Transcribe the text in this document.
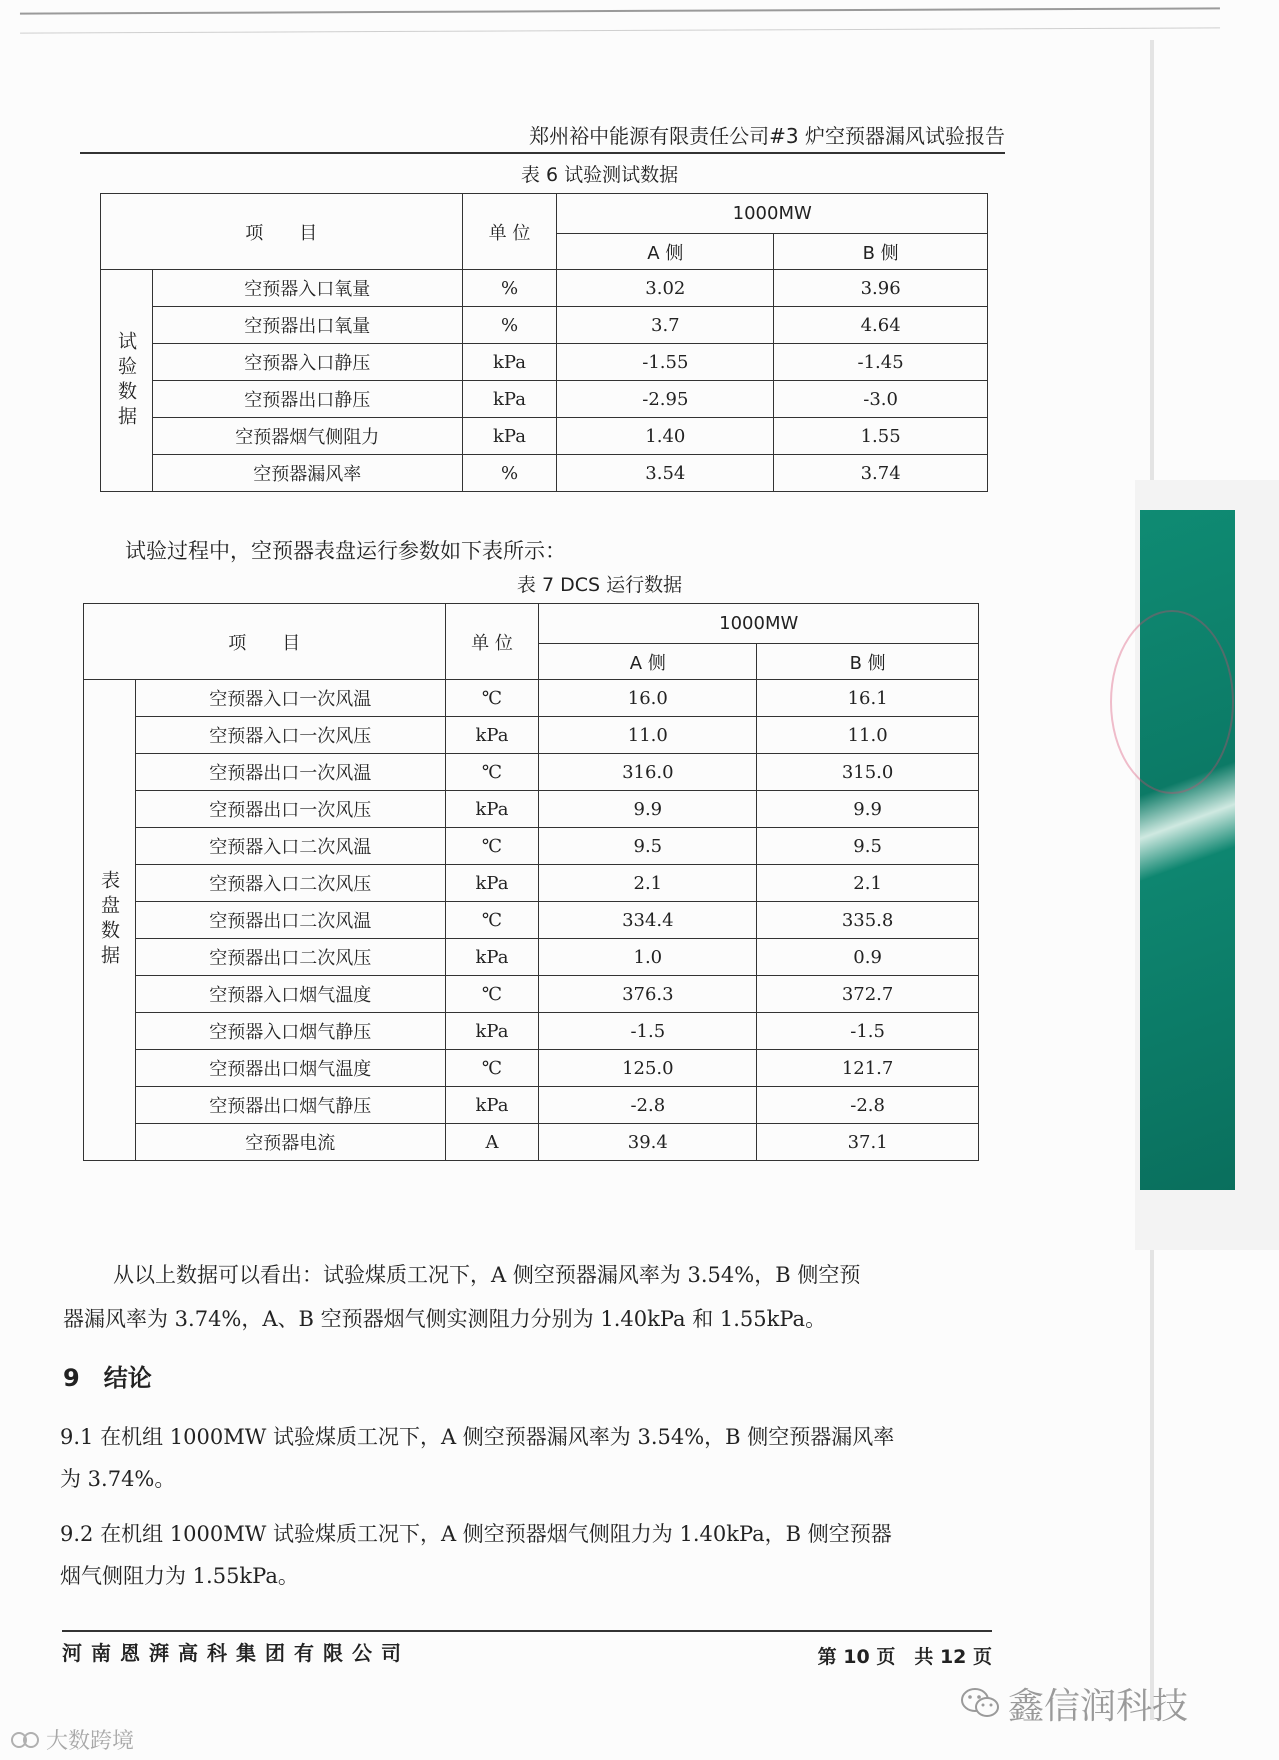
郑州裕中能源有限责任公司#3 炉空预器漏风试验报告
表 6 试验测试数据
项　　目		单 位	1000MW	
			A 侧	B 侧
试验数据	空预器入口氧量	%	3.02	3.96
	空预器出口氧量	%	3.7	4.64
	空预器入口静压	kPa	-1.55	-1.45
	空预器出口静压	kPa	-2.95	-3.0
	空预器烟气侧阻力	kPa	1.40	1.55
	空预器漏风率	%	3.54	3.74
试验过程中，空预器表盘运行参数如下表所示：
表 7 DCS 运行数据
项　　目		单 位	1000MW	
			A 侧	B 侧
表盘数据	空预器入口一次风温	℃	16.0	16.1
	空预器入口一次风压	kPa	11.0	11.0
	空预器出口一次风温	℃	316.0	315.0
	空预器出口一次风压	kPa	9.9	9.9
	空预器入口二次风温	℃	9.5	9.5
	空预器入口二次风压	kPa	2.1	2.1
	空预器出口二次风温	℃	334.4	335.8
	空预器出口二次风压	kPa	1.0	0.9
	空预器入口烟气温度	℃	376.3	372.7
	空预器入口烟气静压	kPa	-1.5	-1.5
	空预器出口烟气温度	℃	125.0	121.7
	空预器出口烟气静压	kPa	-2.8	-2.8
	空预器电流	A	39.4	37.1
从以上数据可以看出：试验煤质工况下，A 侧空预器漏风率为 3.54%，B 侧空预
器漏风率为 3.74%，A、B 空预器烟气侧实测阻力分别为 1.40kPa 和 1.55kPa。
9　结论
9.1 在机组 1000MW 试验煤质工况下，A 侧空预器漏风率为 3.54%，B 侧空预器漏风率
为 3.74%。
9.2 在机组 1000MW 试验煤质工况下，A 侧空预器烟气侧阻力为 1.40kPa，B 侧空预器
烟气侧阻力为 1.55kPa。
河南恩湃高科集团有限公司	第 10 页　共 12 页
鑫信润科技
大数跨境
